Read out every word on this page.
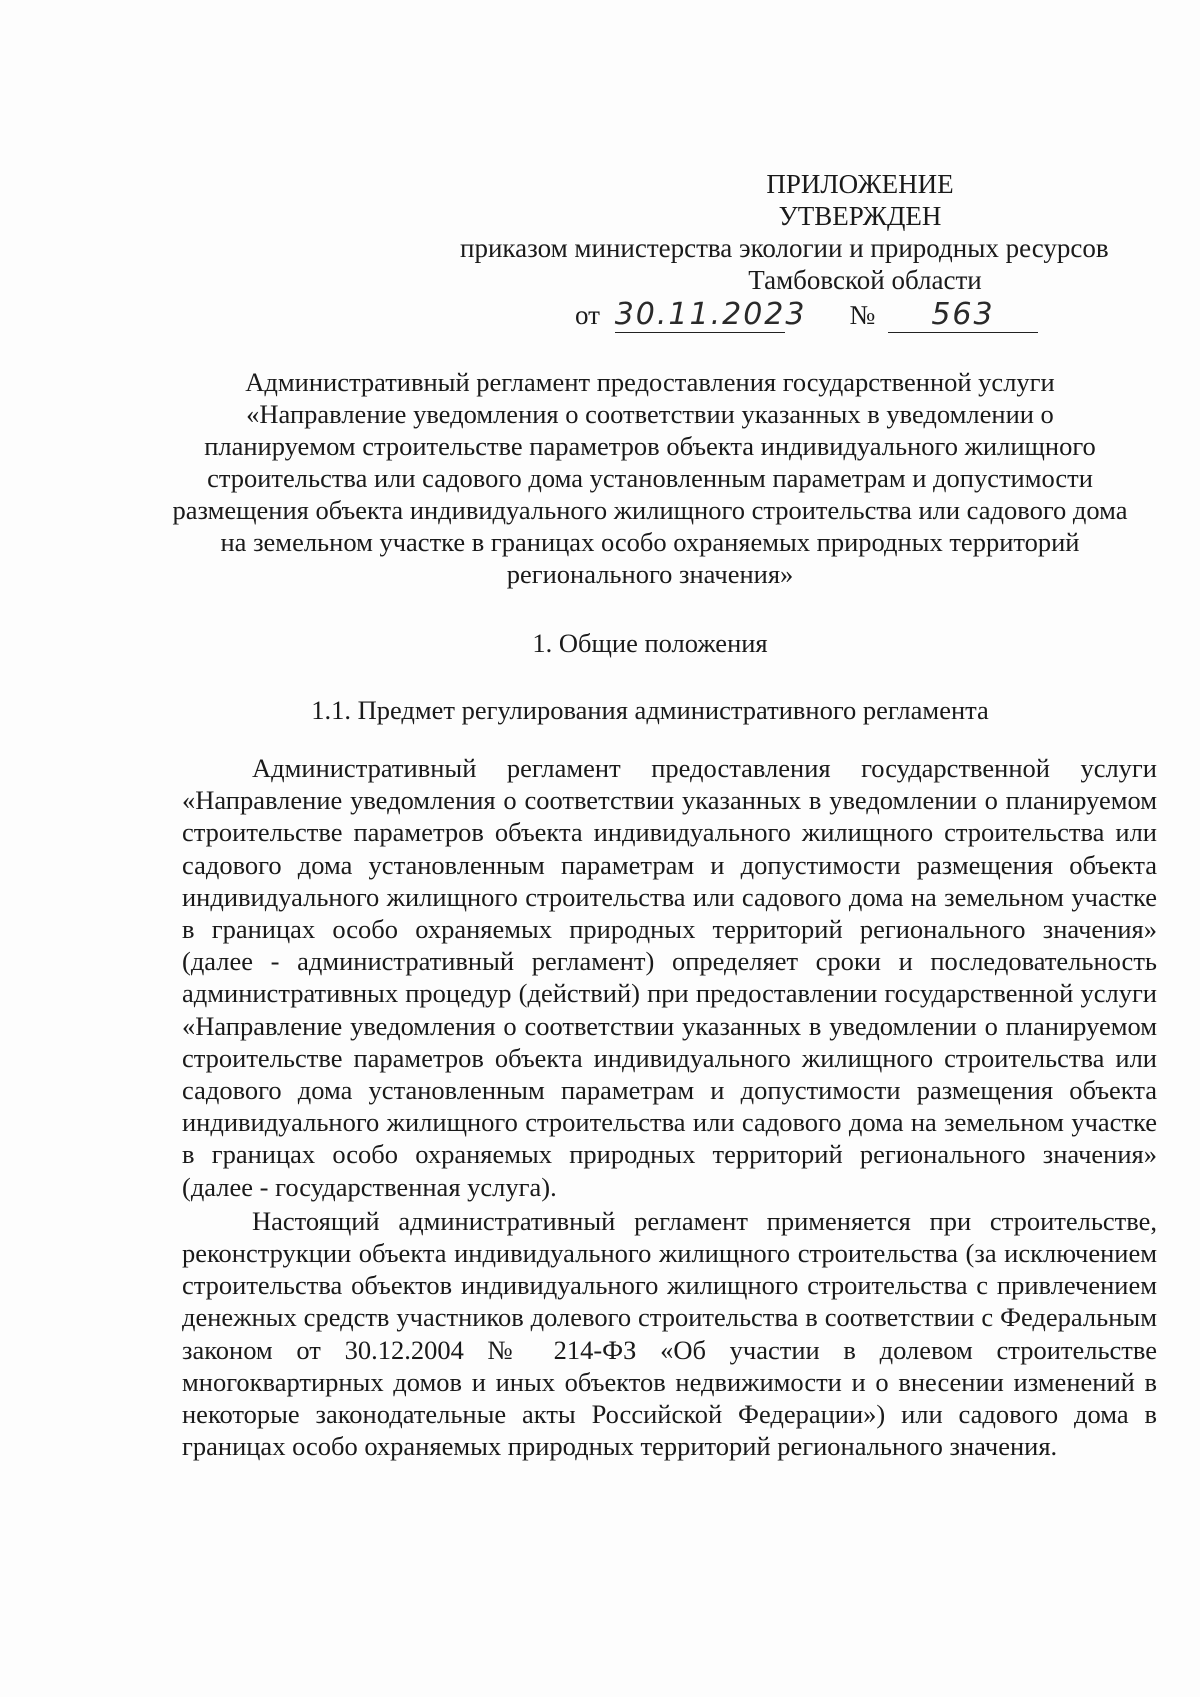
ПРИЛОЖЕНИЕ
УТВЕРЖДЕН
приказом министерства экологии и природных ресурсов
Тамбовской области
от 30.11.2023 № 563
Административный регламент предоставления государственной услуги «Направление уведомления о соответствии указанных в уведомлении о планируемом строительстве параметров объекта индивидуального жилищного строительства или садового дома установленным параметрам и допустимости размещения объекта индивидуального жилищного строительства или садового дома на земельном участке в границах особо охраняемых природных территорий регионального значения»
1. Общие положения
1.1. Предмет регулирования административного регламента

Административный регламент предоставления государственной услуги «Направление уведомления о соответствии указанных в уведомлении о планируемом строительстве параметров объекта индивидуального жилищного строительства или садового дома установленным параметрам и допустимости размещения объекта индивидуального жилищного строительства или садового дома на земельном участке в границах особо охраняемых природных территорий регионального значения» (далее - административный регламент) определяет сроки и последовательность административных процедур (действий) при предоставлении государственной услуги «Направление уведомления о соответствии указанных в уведомлении о планируемом строительстве параметров объекта индивидуального жилищного строительства или садового дома установленным параметрам и допустимости размещения объекта индивидуального жилищного строительства или садового дома на земельном участке в границах особо охраняемых природных территорий регионального значения» (далее - государственная услуга).

Настоящий административный регламент применяется при строительстве, реконструкции объекта индивидуального жилищного строительства (за исключением строительства объектов индивидуального жилищного строительства с привлечением денежных средств участников долевого строительства в соответствии с Федеральным законом от 30.12.2004 № 214-ФЗ «Об участии в долевом строительстве многоквартирных домов и иных объектов недвижимости и о внесении изменений в некоторые законодательные акты Российской Федерации») или садового дома в границах особо охраняемых природных территорий регионального значения.
